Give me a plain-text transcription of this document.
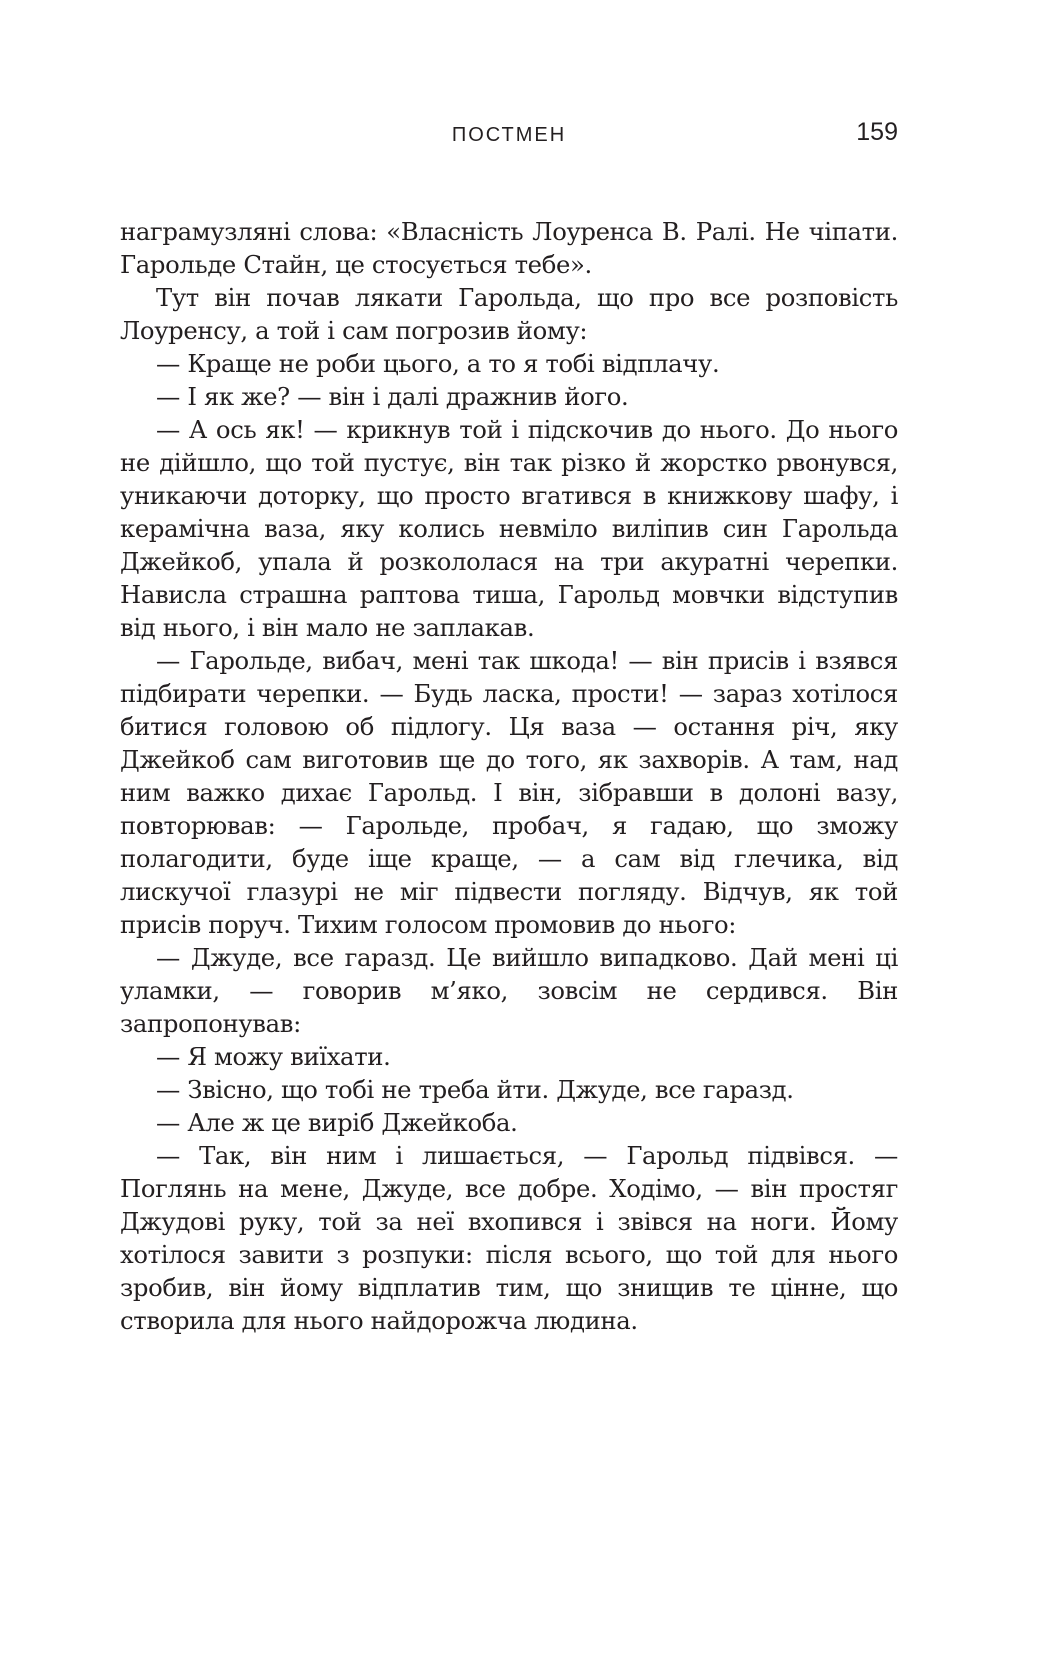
ПОСТМЕН	159

награмузляні слова: «Власність Лоуренса В. Ралі. Не чіпати. Гарольде Стайн, це стосується тебе».

Тут він почав лякати Гарольда, що про все розповість Лоуренсу, а той і сам погрозив йому:

— Краще не роби цього, а то я тобі відплачу.

— І як же? — він і далі дражнив його.

— А ось як! — крикнув той і підскочив до нього. До нього не дійшло, що той пустує, він так різко й жорстко рвонувся, уникаючи доторку, що просто вгатився в книжкову шафу, і керамічна ваза, яку колись невміло виліпив син Гарольда Джейкоб, упала й розкололася на три акуратні черепки. Нависла страшна раптова тиша, Гарольд мовчки відступив від нього, і він мало не заплакав.

— Гарольде, вибач, мені так шкода! — він присів і взявся підбирати черепки. — Будь ласка, прости! — зараз хотілося битися головою об підлогу. Ця ваза — остання річ, яку Джейкоб сам виготовив ще до того, як захворів. А там, над ним важко дихає Гарольд. І він, зібравши в долоні вазу, повторював: — Гарольде, пробач, я гадаю, що зможу полагодити, буде іще краще, — а сам від глечика, від лискучої глазурі не міг підвести погляду. Відчув, як той присів поруч. Тихим голосом промовив до нього:

— Джуде, все гаразд. Це вийшло випадково. Дай мені ці уламки, — говорив м’яко, зовсім не сердився. Він запропонував:

— Я можу виїхати.

— Звісно, що тобі не треба йти. Джуде, все гаразд.

— Але ж це виріб Джейкоба.

— Так, він ним і лишається, — Гарольд підвівся. — Поглянь на мене, Джуде, все добре. Ходімо, — він простяг Джудові руку, той за неї вхопився і звівся на ноги. Йому хотілося завити з розпуки: після всього, що той для нього зробив, він йому відплатив тим, що знищив те цінне, що створила для нього найдорожча людина.
